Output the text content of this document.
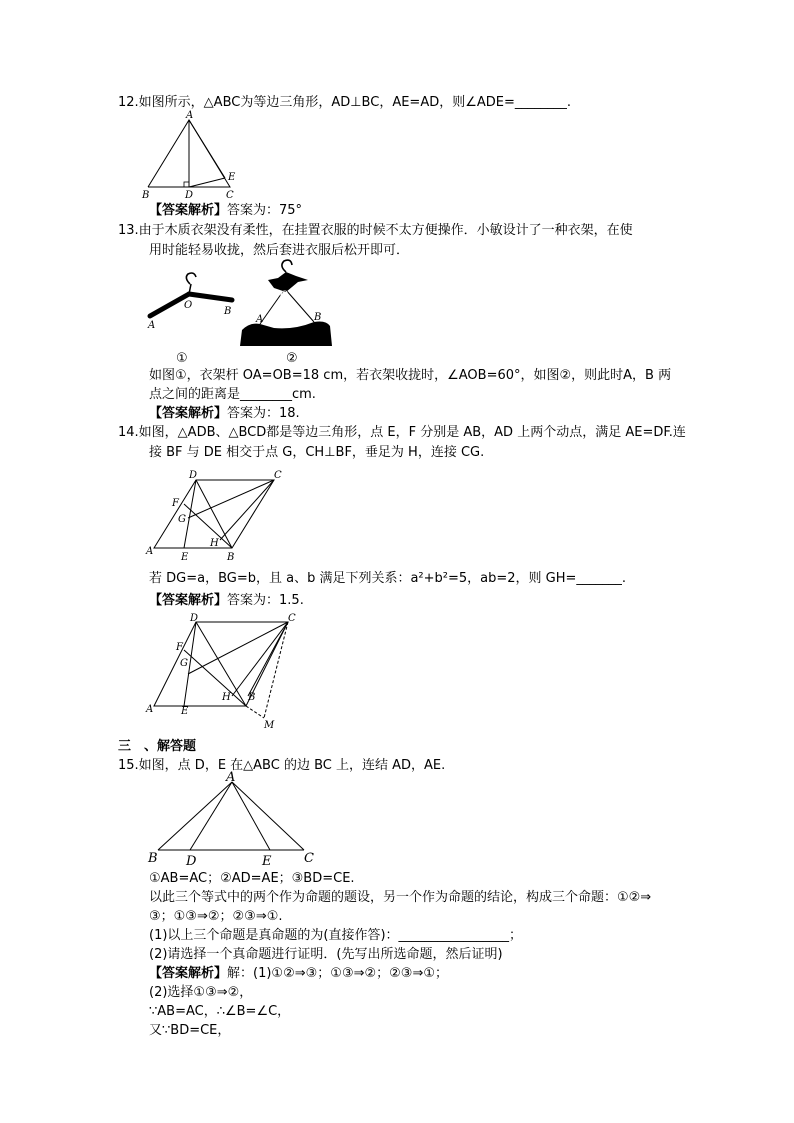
12.如图所示，△ABC为等边三角形，AD⊥BC，AE=AD，则∠ADE=________.
A
B	D	C
E
【答案解析】答案为：75°
13.由于木质衣架没有柔性，在挂置衣服的时候不太方便操作．小敏设计了一种衣架，在使
用时能轻易收拢，然后套进衣服后松开即可．
O
A
B
O
A	B
①	②
如图①，衣架杆 OA=OB=18 cm，若衣架收拢时，∠AOB=60°，如图②，则此时A，B 两
点之间的距离是________cm.
【答案解析】答案为：18.
14.如图，△ADB、△BCD都是等边三角形，点 E，F 分别是 AB，AD 上两个动点，满足 AE=DF.连
接 BF 与 DE 相交于点 G，CH⊥BF，垂足为 H，连接 CG.
D	C
F
G
H
A
E	B
若 DG=a，BG=b，且 a、b 满足下列关系：a²+b²=5，ab=2，则 GH=_______.
【答案解析】答案为：1.5.
D	C
F
G
H B
A	E
M
三　、解答题
15.如图，点 D，E 在△ABC 的边 BC 上，连结 AD，AE.
A
B D	E	C
①AB=AC；②AD=AE；③BD=CE.
以此三个等式中的两个作为命题的题设，另一个作为命题的结论，构成三个命题：①②⇒
③；①③⇒②；②③⇒①.
(1)以上三个命题是真命题的为(直接作答)：_________________；
(2)请选择一个真命题进行证明．(先写出所选命题，然后证明)
【答案解析】解：(1)①②⇒③；①③⇒②；②③⇒①；
(2)选择①③⇒②，
∵AB=AC，∴∠B=∠C，
又∵BD=CE，
